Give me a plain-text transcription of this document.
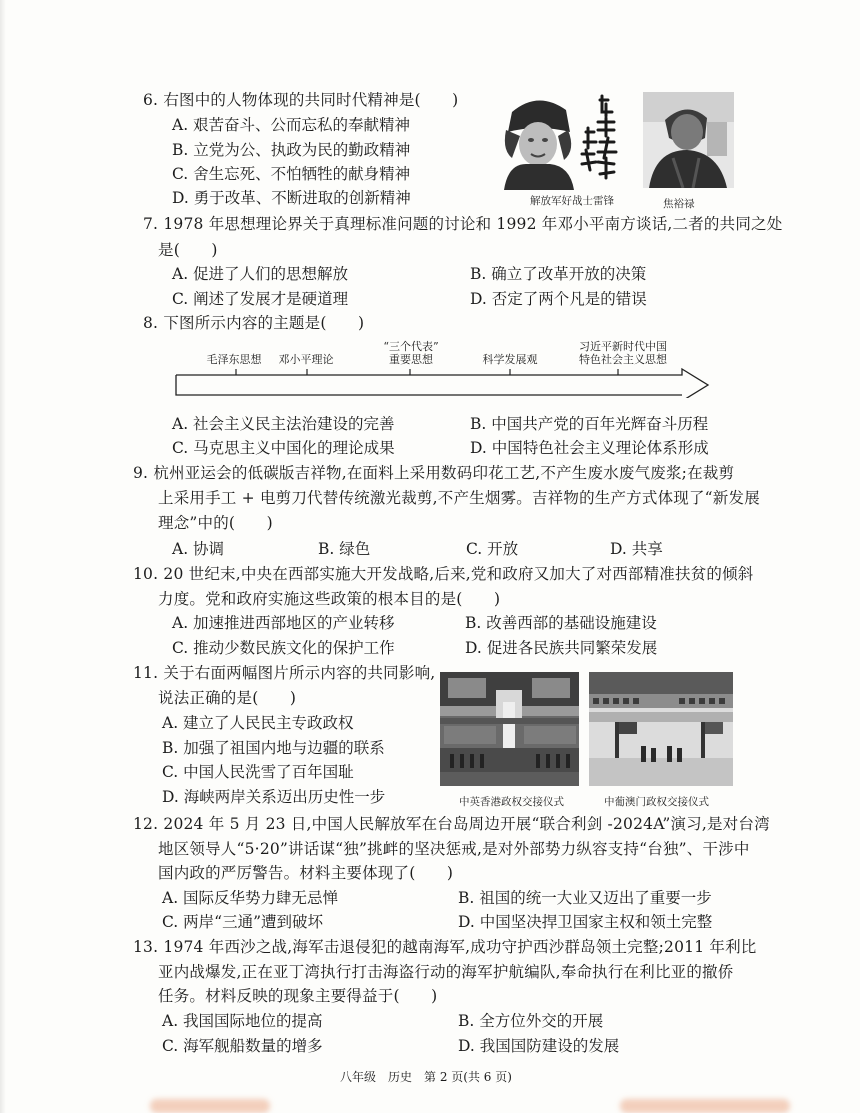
6. 右图中的人物体现的共同时代精神是(　　)
A. 艰苦奋斗、公而忘私的奉献精神
B. 立党为公、执政为民的勤政精神
C. 舍生忘死、不怕牺牲的献身精神
D. 勇于改革、不断进取的创新精神	解放军好战士雷锋	焦裕禄
7. 1978 年思想理论界关于真理标准问题的讨论和 1992 年邓小平南方谈话,二者的共同之处
是(　　)
A. 促进了人们的思想解放	B. 确立了改革开放的决策
C. 阐述了发展才是硬道理	D. 否定了两个凡是的错误
8. 下图所示内容的主题是(　　)
毛泽东思想	邓小平理论
“三个代表”
重要思想	科学发展观
习近平新时代中国
特色社会主义思想
A. 社会主义民主法治建设的完善	B. 中国共产党的百年光辉奋斗历程
C. 马克思主义中国化的理论成果	D. 中国特色社会主义理论体系形成
9. 杭州亚运会的低碳版吉祥物,在面料上采用数码印花工艺,不产生废水废气废浆;在裁剪
上采用手工 + 电剪刀代替传统激光裁剪,不产生烟雾。吉祥物的生产方式体现了“新发展
理念”中的(　　)
A. 协调	B. 绿色	C. 开放	D. 共享
10. 20 世纪末,中央在西部实施大开发战略,后来,党和政府又加大了对西部精准扶贫的倾斜
力度。党和政府实施这些政策的根本目的是(　　)
A. 加速推进西部地区的产业转移	B. 改善西部的基础设施建设
C. 推动少数民族文化的保护工作	D. 促进各民族共同繁荣发展
11. 关于右面两幅图片所示内容的共同影响,
说法正确的是(　　)
A. 建立了人民民主专政政权
B. 加强了祖国内地与边疆的联系
C. 中国人民洗雪了百年国耻
D. 海峡两岸关系迈出历史性一步	中英香港政权交接仪式	中葡澳门政权交接仪式
12. 2024 年 5 月 23 日,中国人民解放军在台岛周边开展“联合利剑 -2024A”演习,是对台湾
地区领导人“5·20”讲话谋“独”挑衅的坚决惩戒,是对外部势力纵容支持“台独”、干涉中
国内政的严厉警告。材料主要体现了(　　)
A. 国际反华势力肆无忌惮	B. 祖国的统一大业又迈出了重要一步
C. 两岸“三通”遭到破坏	D. 中国坚决捍卫国家主权和领土完整
13. 1974 年西沙之战,海军击退侵犯的越南海军,成功守护西沙群岛领土完整;2011 年利比
亚内战爆发,正在亚丁湾执行打击海盗行动的海军护航编队,奉命执行在利比亚的撤侨
任务。材料反映的现象主要得益于(　　)
A. 我国国际地位的提高	B. 全方位外交的开展
C. 海军舰船数量的增多	D. 我国国防建设的发展
八年级　历史　第 2 页(共 6 页)
